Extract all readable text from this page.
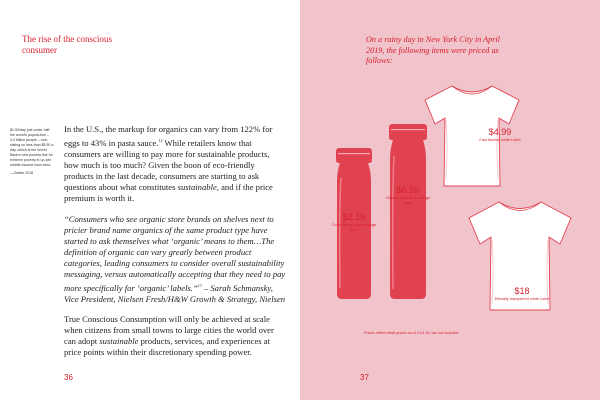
The rise of the conscious consumer
$1.50/day just under half the world's popula-tion – 3.4 billion people – sub-sisting on less than $5.50 a day, which is the World Bank's new poverty line for extreme poverty in up-per middle-income coun-tries.
—Oxfam 2018

In the U.S., the markup for organics can vary from 122% for eggs to 43% in pasta sauce.$^{12}$ While retailers know that consumers are willing to pay more for sustainable products, how much is too much? Given the boon of eco-friendly products in the last decade, consumers are starting to ask questions about what constitutes sustainable, and if the price premium is worth it.

“Consumers who see organic store brands on shelves next to pricier brand name organics of the same product type have started to ask themselves what ‘organic’ means to them…The definition of organic can vary greatly between product categories, leading consumers to consider overall sustainability messaging, versus automatically accepting that they need to pay more specifically for ‘organic’ labels.”$^{13}$ – Sarah Schmansky, Vice President, Nielsen Fresh/H&W Growth & Strategy, Nielsen

True Conscious Consumption will only be achieved at scale when citizens from small towns to large cities the world over can adopt sustainable products, services, and experiences at price points within their discretionary spending power.

36
On a rainy day in New York City in April 2019, the following items were priced as follows:
$2.19
Conventional store orange juice
$6.95
Organic juice shop orange juice
$4.99
Fast fashion white t-shirt
$18
Ethically transparent white t-shirt
Prices reflect retail prices as of 4.13.19, tax not included.
37
